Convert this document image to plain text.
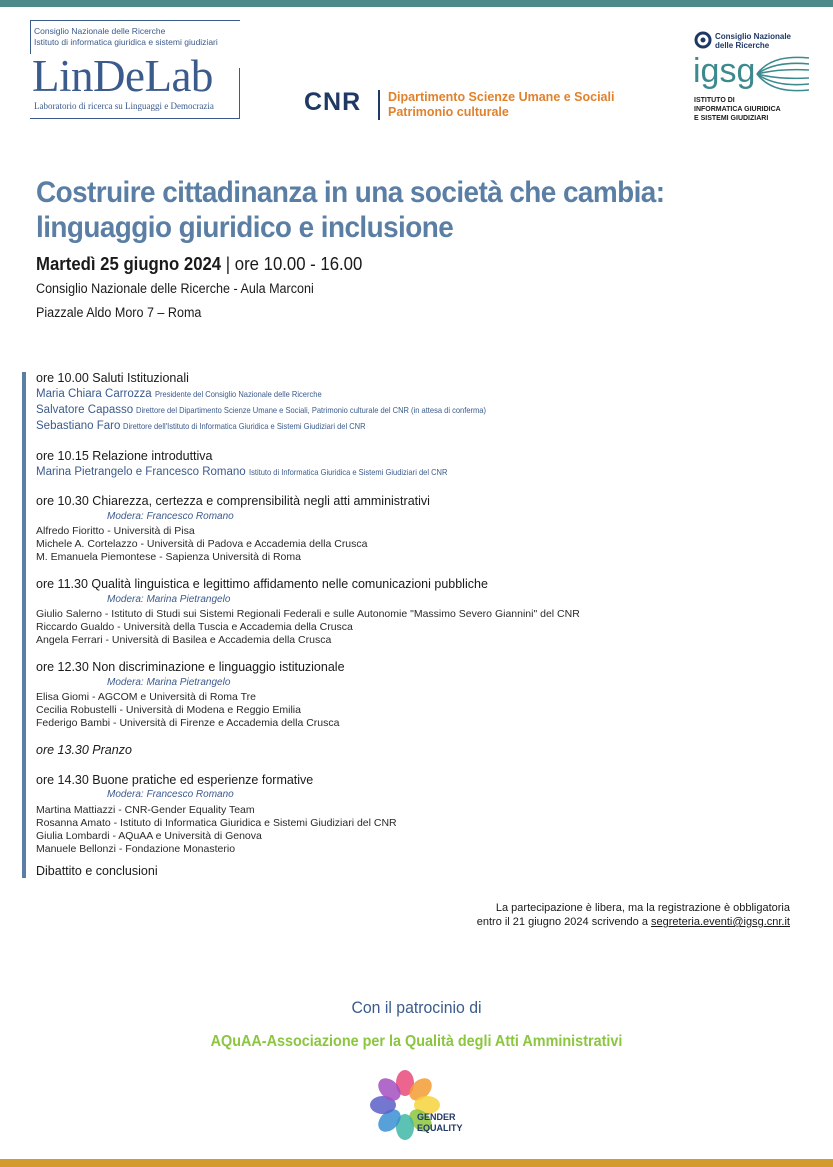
Consiglio Nazionale delle Ricerche
Istituto di informatica giuridica e sistemi giudiziari
LinDeLab
Laboratorio di ricerca su Linguaggi e Democrazia	CNR Dipartimento Scienze Umane e Sociali
Patrimonio culturale
Consiglio Nazionale
delle Ricerche
igsg
ISTITUTO DI
INFORMATICA GIURIDICA
E SISTEMI GIUDIZIARI
Costruire cittadinanza in una società che cambia:
linguaggio giuridico e inclusione
Martedì 25 giugno 2024 | ore 10.00 - 16.00
Consiglio Nazionale delle Ricerche - Aula Marconi
Piazzale Aldo Moro 7 – Roma
ore 10.00 Saluti Istituzionali
Maria Chiara Carrozza Presidente del Consiglio Nazionale delle Ricerche
Salvatore Capasso Direttore del Dipartimento Scienze Umane e Sociali, Patrimonio culturale del CNR (in attesa di conferma)
Sebastiano Faro Direttore dell'Istituto di Informatica Giuridica e Sistemi Giudiziari del CNR
ore 10.15 Relazione introduttiva
Marina Pietrangelo e Francesco Romano Istituto di Informatica Giuridica e Sistemi Giudiziari del CNR
ore 10.30 Chiarezza, certezza e comprensibilità negli atti amministrativi
Modera: Francesco Romano
Alfredo Fioritto - Università di Pisa
Michele A. Cortelazzo - Università di Padova e Accademia della Crusca
M. Emanuela Piemontese - Sapienza Università di Roma
ore 11.30 Qualità linguistica e legittimo affidamento nelle comunicazioni pubbliche
Modera: Marina Pietrangelo
Giulio Salerno - Istituto di Studi sui Sistemi Regionali Federali e sulle Autonomie "Massimo Severo Giannini" del CNR
Riccardo Gualdo - Università della Tuscia e Accademia della Crusca
Angela Ferrari - Università di Basilea e Accademia della Crusca
ore 12.30 Non discriminazione e linguaggio istituzionale
Modera: Marina Pietrangelo
Elisa Giomi - AGCOM e Università di Roma Tre
Cecilia Robustelli - Università di Modena e Reggio Emilia
Federigo Bambi - Università di Firenze e Accademia della Crusca
ore 13.30 Pranzo
ore 14.30 Buone pratiche ed esperienze formative
Modera: Francesco Romano
Martina Mattiazzi - CNR-Gender Equality Team
Rosanna Amato - Istituto di Informatica Giuridica e Sistemi Giudiziari del CNR
Giulia Lombardi - AQuAA e Università di Genova
Manuele Bellonzi - Fondazione Monasterio
Dibattito e conclusioni
La partecipazione è libera, ma la registrazione è obbligatoria
entro il 21 giugno 2024 scrivendo a segreteria.eventi@igsg.cnr.it
Con il patrocinio di
AQuAA-Associazione per la Qualità degli Atti Amministrativi
GENDER
EQUALITY
